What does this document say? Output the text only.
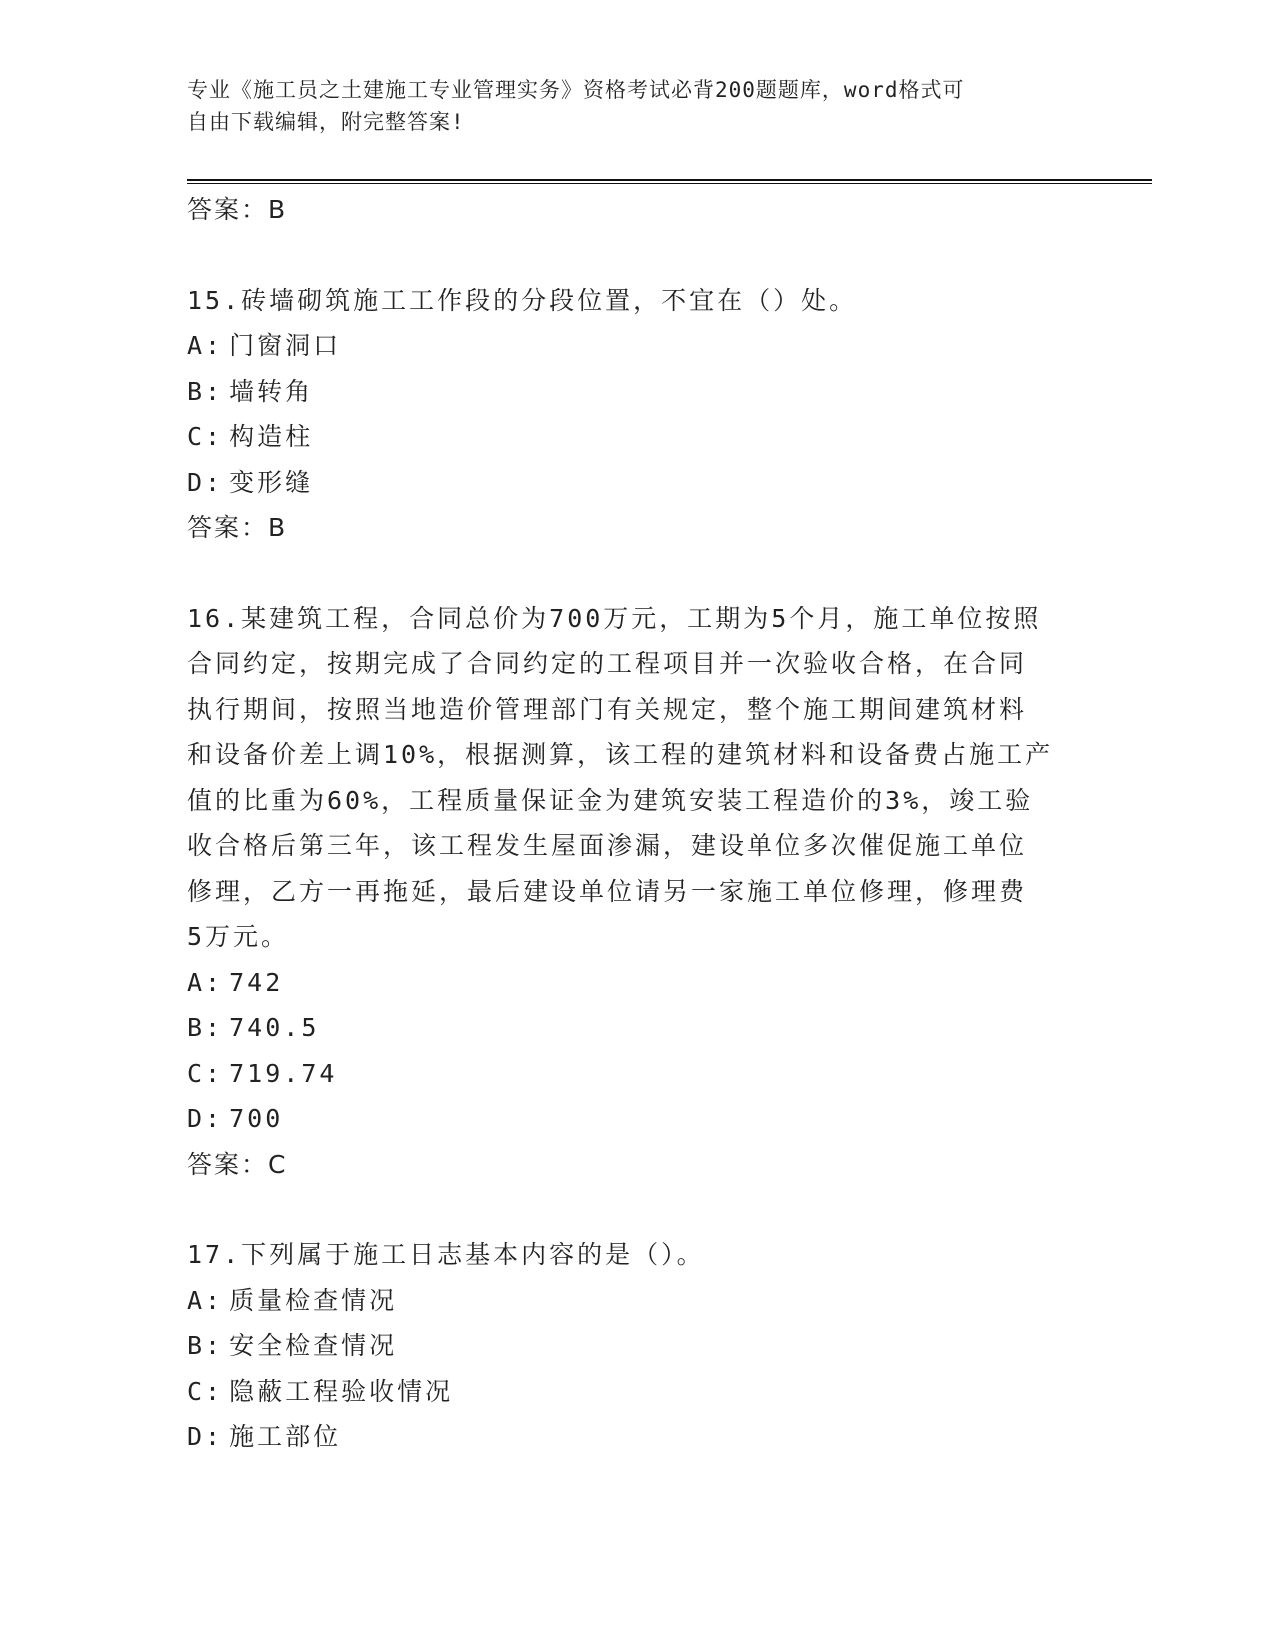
专业《施工员之土建施工专业管理实务》资格考试必背200题题库，word格式可
自由下载编辑，附完整答案!
答案：B
15.砖墙砌筑施工工作段的分段位置，不宜在（）处。
A: 门窗洞口
B: 墙转角
C: 构造柱
D: 变形缝
答案：B
16.某建筑工程，合同总价为700万元，工期为5个月，施工单位按照
合同约定，按期完成了合同约定的工程项目并一次验收合格，在合同
执行期间，按照当地造价管理部门有关规定，整个施工期间建筑材料
和设备价差上调10%，根据测算，该工程的建筑材料和设备费占施工产
值的比重为60%，工程质量保证金为建筑安装工程造价的3%，竣工验
收合格后第三年，该工程发生屋面渗漏，建设单位多次催促施工单位
修理，乙方一再拖延，最后建设单位请另一家施工单位修理，修理费
5万元。
A: 742
B: 740.5
C: 719.74
D: 700
答案：C
17.下列属于施工日志基本内容的是（）。
A: 质量检查情况
B: 安全检查情况
C: 隐蔽工程验收情况
D: 施工部位
